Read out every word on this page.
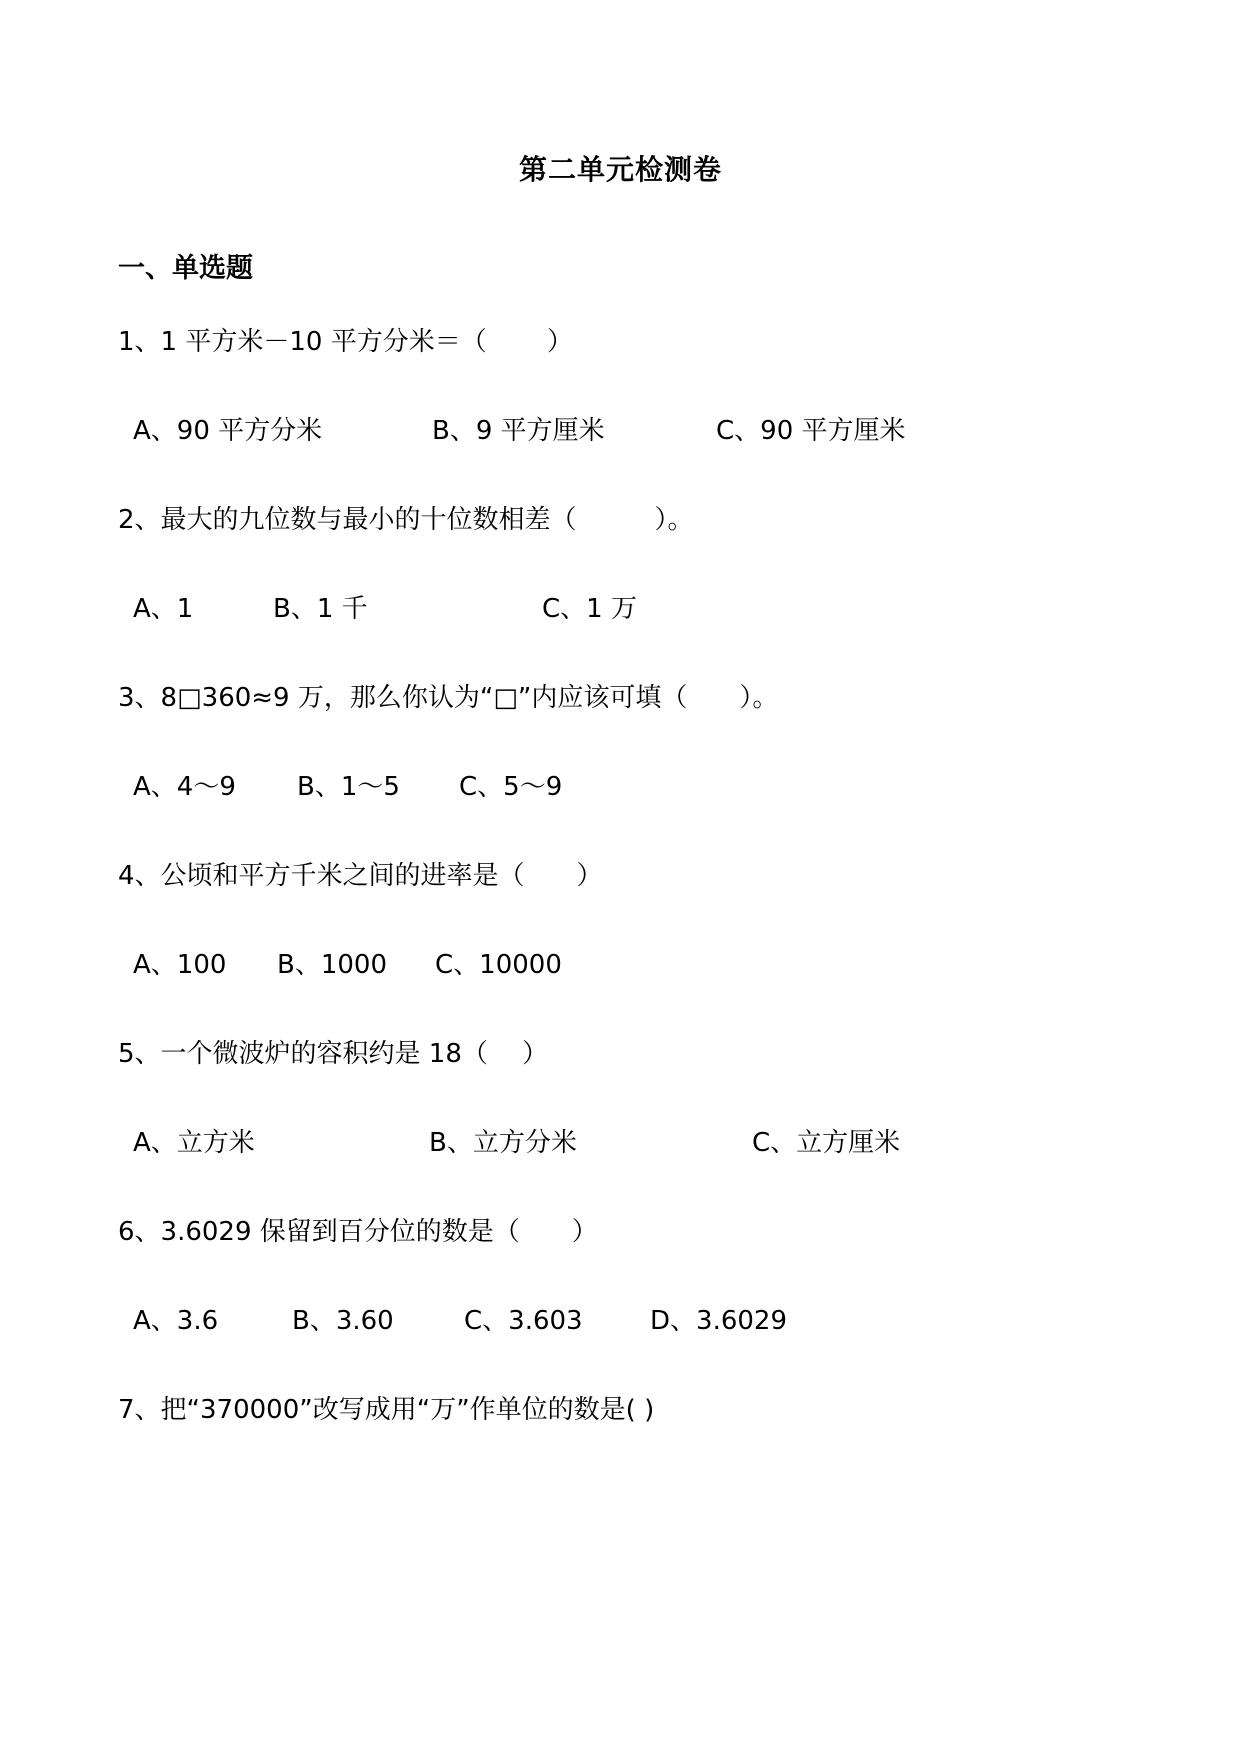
第二单元检测卷
一、单选题
1、1 平方米－10 平方分米＝（　　 ）
A、90 平方分米	B、9 平方厘米	C、90 平方厘米
2、最大的九位数与最小的十位数相差（　　　）。
A、1	B、1 千	C、1 万
3、8□360≈9 万，那么你认为“□”内应该可填（　　）。
A、4～9 B、1～5 C、5～9
4、公顷和平方千米之间的进率是（　　）
A、100 B、1000 C、10000
5、一个微波炉的容积约是 18（　 ）
A、立方米	B、立方分米	C、立方厘米
6、3.6029 保留到百分位的数是（　　）
A、3.6	B、3.60	C、3.603	D、3.6029
7、把“370000”改写成用“万”作单位的数是( )
